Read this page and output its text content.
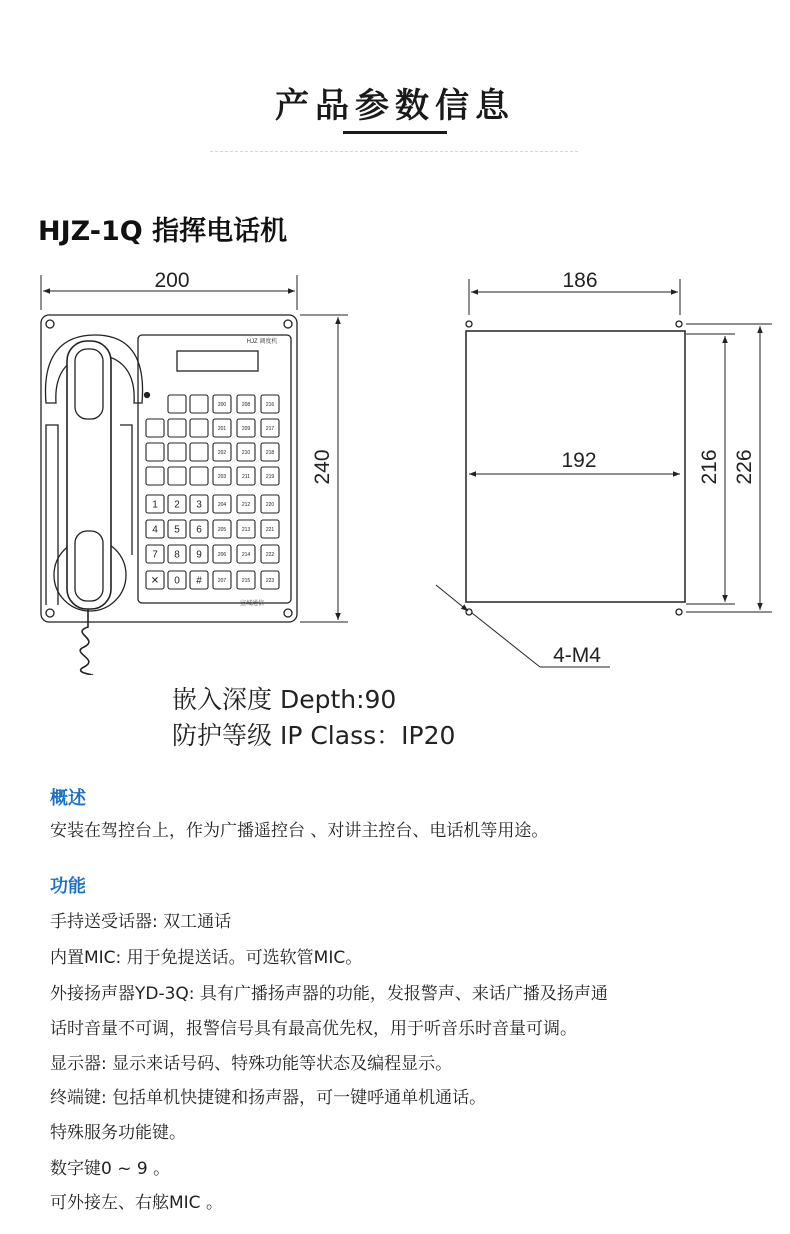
产品参数信息
HJZ-1Q 指挥电话机
200
240
HJZ 调度机
宣城通信
1 2 3
4 5 6
7 8 9
✕ 0 #
200
201
202
203
204
205
206
207
208
209
210
211
212
213
214
215
216
217
218
219
220
221
222
223
186
192	216 226
4-M4
嵌入深度 Depth:90
防护等级 IP Class：IP20
概述
安装在驾控台上，作为广播遥控台 、对讲主控台、电话机等用途。
功能
手持送受话器: 双工通话
内置MIC: 用于免提送话。可选软管MIC。
外接扬声器YD-3Q: 具有广播扬声器的功能，发报警声、来话广播及扬声通
话时音量不可调，报警信号具有最高优先权，用于听音乐时音量可调。
显示器: 显示来话号码、特殊功能等状态及编程显示。
终端键: 包括单机快捷键和扬声器，可一键呼通单机通话。
特殊服务功能键。
数字键0 ~ 9 。
可外接左、右舷MIC 。
